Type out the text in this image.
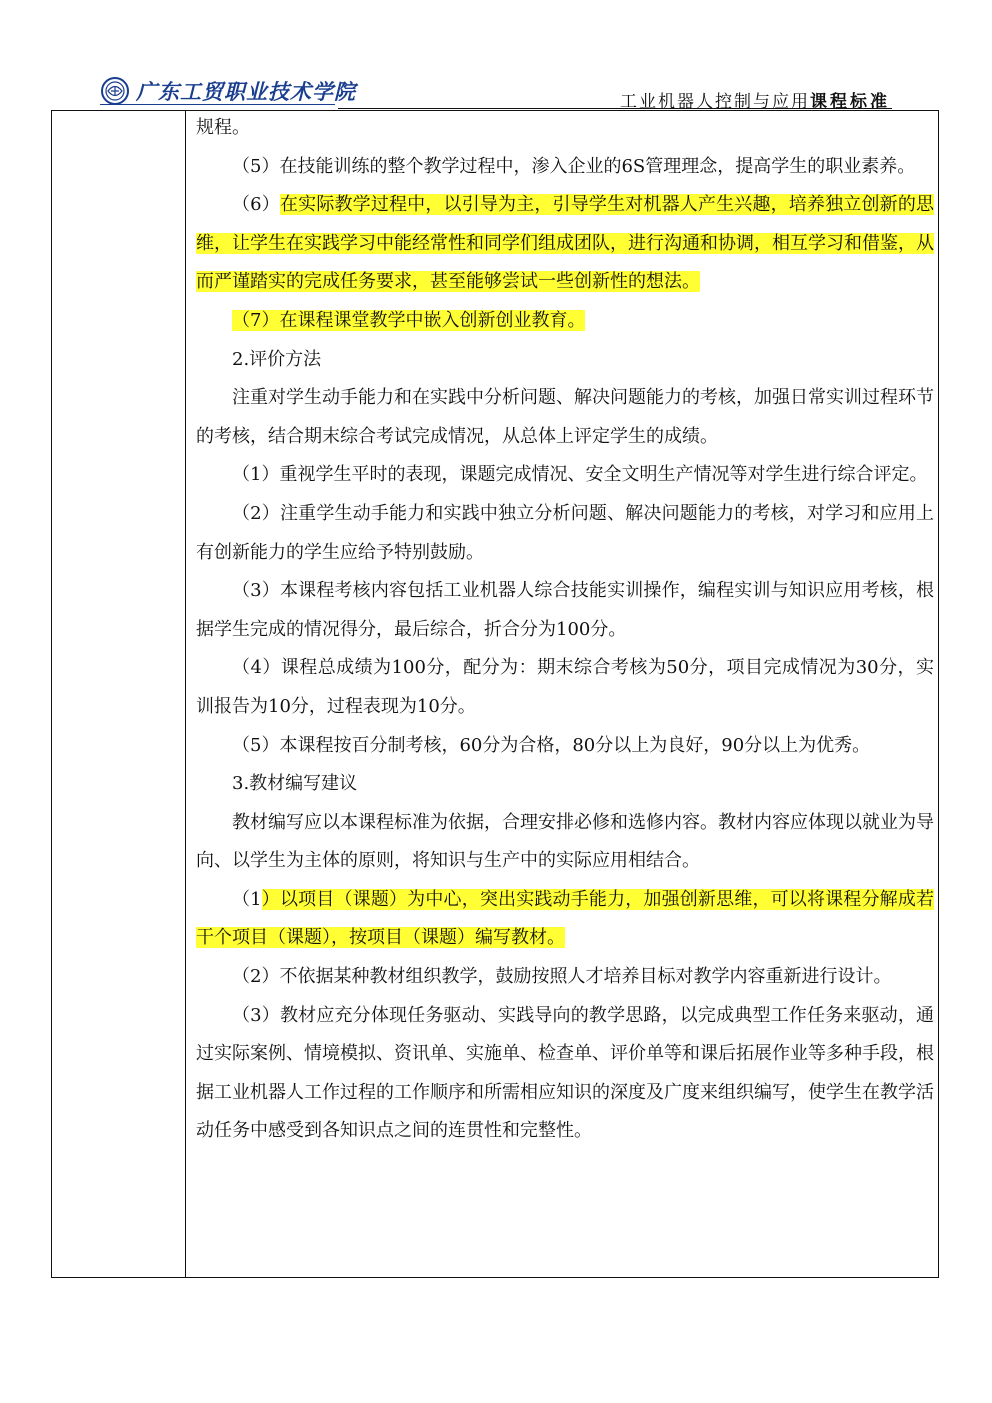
广东工贸职业技术学院	工业机器人控制与应用课程标准

规程。

（5）在技能训练的整个教学过程中，渗入企业的6S管理理念，提高学生的职业素养。

（6）在实际教学过程中，以引导为主，引导学生对机器人产生兴趣，培养独立创新的思维，让学生在实践学习中能经常性和同学们组成团队，进行沟通和协调，相互学习和借鉴，从而严谨踏实的完成任务要求，甚至能够尝试一些创新性的想法。

（7）在课程课堂教学中嵌入创新创业教育。

2.评价方法

注重对学生动手能力和在实践中分析问题、解决问题能力的考核，加强日常实训过程环节的考核，结合期末综合考试完成情况，从总体上评定学生的成绩。

（1）重视学生平时的表现，课题完成情况、安全文明生产情况等对学生进行综合评定。

（2）注重学生动手能力和实践中独立分析问题、解决问题能力的考核，对学习和应用上有创新能力的学生应给予特别鼓励。

（3）本课程考核内容包括工业机器人综合技能实训操作，编程实训与知识应用考核，根据学生完成的情况得分，最后综合，折合分为100分。

（4）课程总成绩为100分，配分为：期末综合考核为50分，项目完成情况为30分，实训报告为10分，过程表现为10分。

（5）本课程按百分制考核，60分为合格，80分以上为良好，90分以上为优秀。

3.教材编写建议

教材编写应以本课程标准为依据，合理安排必修和选修内容。教材内容应体现以就业为导向、以学生为主体的原则，将知识与生产中的实际应用相结合。

（1）以项目（课题）为中心，突出实践动手能力，加强创新思维，可以将课程分解成若干个项目（课题），按项目（课题）编写教材。

（2）不依据某种教材组织教学，鼓励按照人才培养目标对教学内容重新进行设计。

（3）教材应充分体现任务驱动、实践导向的教学思路，以完成典型工作任务来驱动，通过实际案例、情境模拟、资讯单、实施单、检查单、评价单等和课后拓展作业等多种手段，根据工业机器人工作过程的工作顺序和所需相应知识的深度及广度来组织编写，使学生在教学活动任务中感受到各知识点之间的连贯性和完整性。
